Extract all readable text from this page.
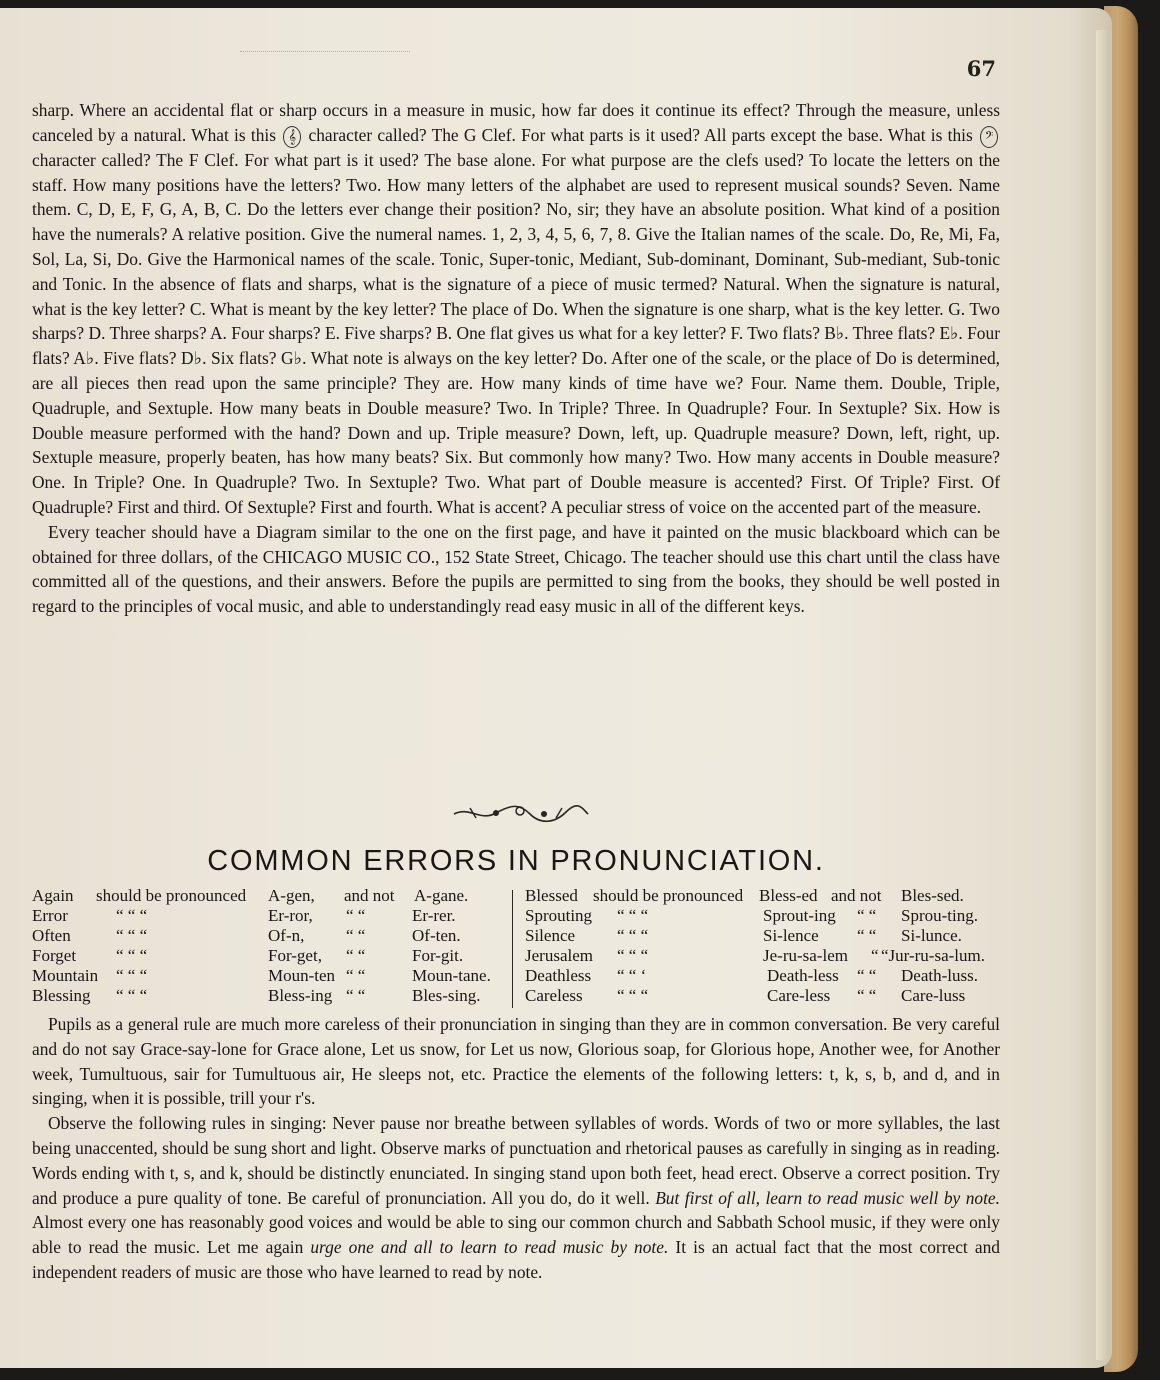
67

sharp. Where an accidental flat or sharp occurs in a measure in music, how far does it continue its effect? Through the measure, unless canceled by a natural. What is this 𝄞 character called? The G Clef. For what parts is it used? All parts except the base. What is this 𝄢 character called? The F Clef. For what part is it used? The base alone. For what purpose are the clefs used? To locate the letters on the staff. How many positions have the letters? Two. How many letters of the alphabet are used to represent musical sounds? Seven. Name them. C, D, E, F, G, A, B, C. Do the letters ever change their position? No, sir; they have an absolute position. What kind of a position have the numerals? A relative position. Give the numeral names. 1, 2, 3, 4, 5, 6, 7, 8. Give the Italian names of the scale. Do, Re, Mi, Fa, Sol, La, Si, Do. Give the Harmonical names of the scale. Tonic, Super-tonic, Mediant, Sub-dominant, Dominant, Sub-mediant, Sub-tonic and Tonic. In the absence of flats and sharps, what is the signature of a piece of music termed? Natural. When the signature is natural, what is the key letter? C. What is meant by the key letter? The place of Do. When the signature is one sharp, what is the key letter. G. Two sharps? D. Three sharps? A. Four sharps? E. Five sharps? B. One flat gives us what for a key letter? F. Two flats? B♭. Three flats? E♭. Four flats? A♭. Five flats? D♭. Six flats? G♭. What note is always on the key letter? Do. After one of the scale, or the place of Do is determined, are all pieces then read upon the same principle? They are. How many kinds of time have we? Four. Name them. Double, Triple, Quadruple, and Sextuple. How many beats in Double measure? Two. In Triple? Three. In Quadruple? Four. In Sextuple? Six. How is Double measure performed with the hand? Down and up. Triple measure? Down, left, up. Quadruple measure? Down, left, right, up. Sextuple measure, properly beaten, has how many beats? Six. But commonly how many? Two. How many accents in Double measure? One. In Triple? One. In Quadruple? Two. In Sextuple? Two. What part of Double measure is accented? First. Of Triple? First. Of Quadruple? First and third. Of Sextuple? First and fourth. What is accent? A peculiar stress of voice on the accented part of the measure.

Every teacher should have a Diagram similar to the one on the first page, and have it painted on the music blackboard which can be obtained for three dollars, of the CHICAGO MUSIC CO., 152 State Street, Chicago. The teacher should use this chart until the class have committed all of the questions, and their answers. Before the pupils are permitted to sing from the books, they should be well posted in regard to the principles of vocal music, and able to understandingly read easy music in all of the different keys.

COMMON ERRORS IN PRONUNCIATION.
Again should be pronounced A-gen, and not A-gane.
Error	“ “ “	Er-ror, “ “	Er-rer.
Often	“ “ “	Of-n, “ “	Of-ten.
Forget “ “ “	For-get, “ “	For-git.
Mountain “ “ “	Moun-ten “ “	Moun-tane.
Blessing “ “ “	Bless-ing “ “	Bles-sing.
Blessed should be pronounced Bless-ed and not Bles-sed.
Sprouting “ “ “	Sprout-ing “ “ Sprou-ting.
Silence “ “ “	Si-lence “ “ Si-lunce.
Jerusalem “ “ “	Je-ru-sa-lem “ “Jur-ru-sa-lum.
Deathless “ “ ‘	Death-less “ “ Death-luss.
Careless “ “ “	Care-less “ “ Care-luss

Pupils as a general rule are much more careless of their pronunciation in singing than they are in common conversation. Be very careful and do not say Grace-say-lone for Grace alone, Let us snow, for Let us now, Glorious soap, for Glorious hope, Another wee, for Another week, Tumultuous, sair for Tumultuous air, He sleeps not, etc. Practice the elements of the following letters: t, k, s, b, and d, and in singing, when it is possible, trill your r's.

Observe the following rules in singing: Never pause nor breathe between syllables of words. Words of two or more syllables, the last being unaccented, should be sung short and light. Observe marks of punctuation and rhetorical pauses as carefully in singing as in reading. Words ending with t, s, and k, should be distinctly enunciated. In singing stand upon both feet, head erect. Observe a correct position. Try and produce a pure quality of tone. Be careful of pronunciation. All you do, do it well. But first of all, learn to read music well by note. Almost every one has reasonably good voices and would be able to sing our common church and Sabbath School music, if they were only able to read the music. Let me again urge one and all to learn to read music by note. It is an actual fact that the most correct and independent readers of music are those who have learned to read by note.
